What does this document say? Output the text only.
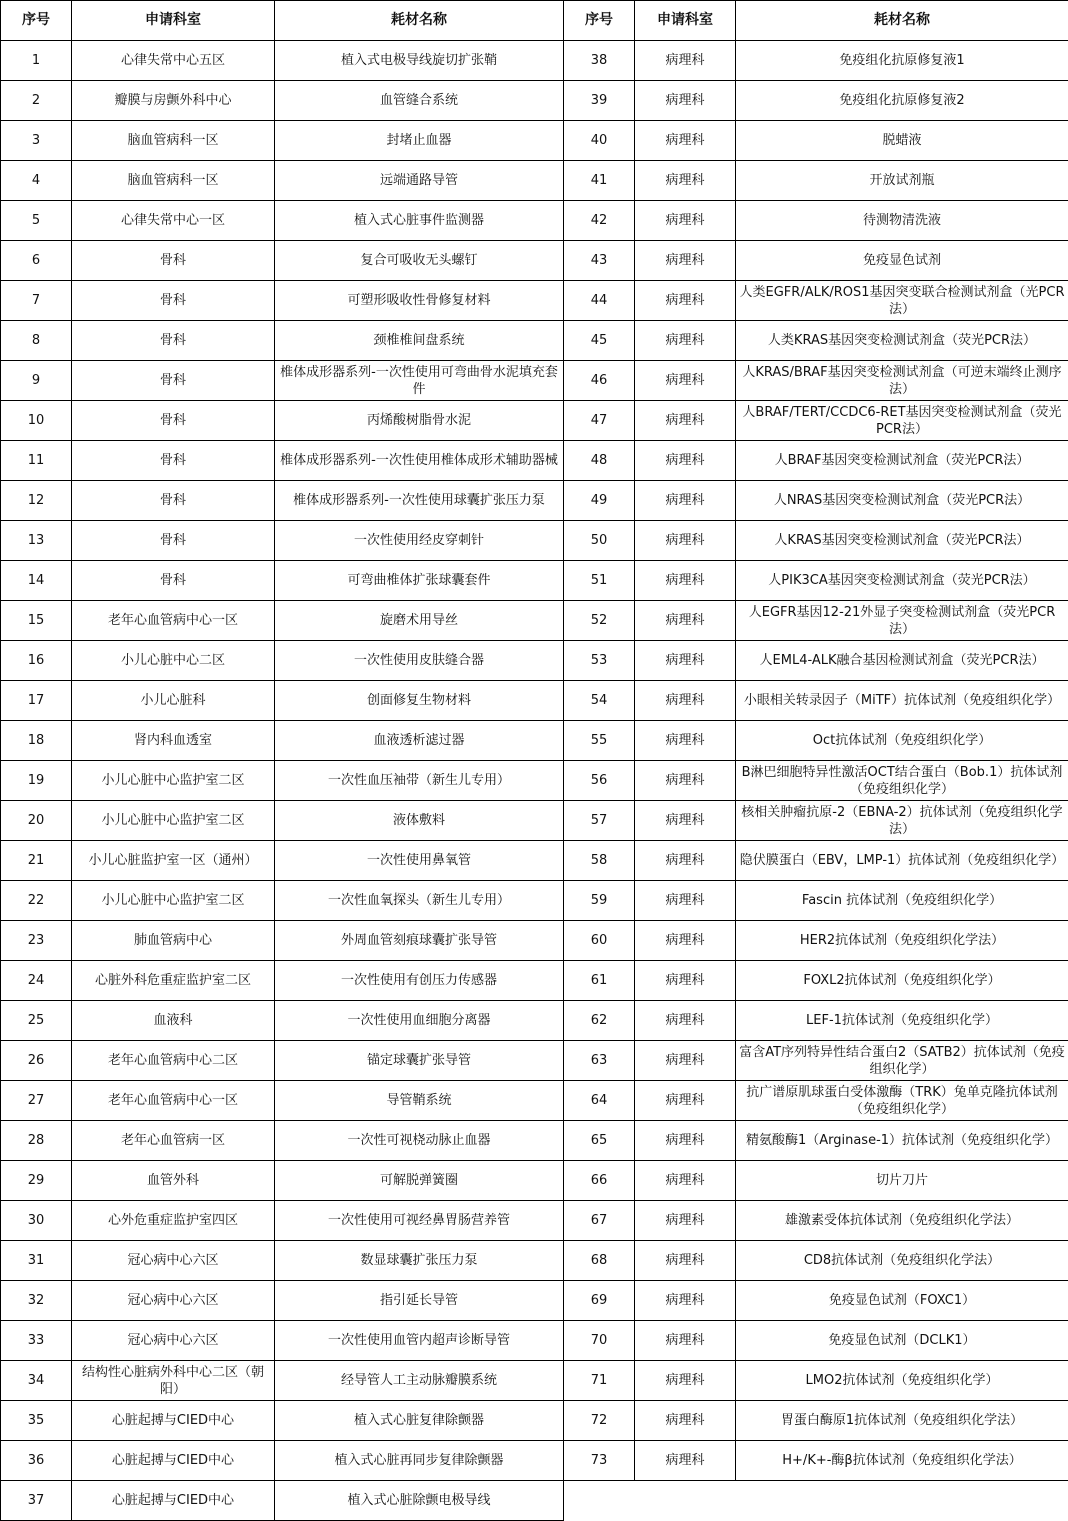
序号	申请科室	耗材名称	序号	申请科室	耗材名称
1	心律失常中心五区	植入式电极导线旋切扩张鞘	38	病理科	免疫组化抗原修复液1
2	瓣膜与房颤外科中心	血管缝合系统	39	病理科	免疫组化抗原修复液2
3	脑血管病科一区	封堵止血器	40	病理科	脱蜡液
4	脑血管病科一区	远端通路导管	41	病理科	开放试剂瓶
5	心律失常中心一区	植入式心脏事件监测器	42	病理科	待测物清洗液
6	骨科	复合可吸收无头螺钉	43	病理科	免疫显色试剂
7	骨科	可塑形吸收性骨修复材料	44	病理科	人类EGFR/ALK/ROS1基因突变联合检测试剂盒（光PCR法）
8	骨科	颈椎椎间盘系统	45	病理科	人类KRAS基因突变检测试剂盒（荧光PCR法）
9	骨科	椎体成形器系列-一次性使用可弯曲骨水泥填充套件	46	病理科	人KRAS/BRAF基因突变检测试剂盒（可逆末端终止测序法）
10	骨科	丙烯酸树脂骨水泥	47	病理科	人BRAF/TERT/CCDC6-RET基因突变检测试剂盒（荧光PCR法）
11	骨科	椎体成形器系列-一次性使用椎体成形术辅助器械	48	病理科	人BRAF基因突变检测试剂盒（荧光PCR法）
12	骨科	椎体成形器系列-一次性使用球囊扩张压力泵	49	病理科	人NRAS基因突变检测试剂盒（荧光PCR法）
13	骨科	一次性使用经皮穿刺针	50	病理科	人KRAS基因突变检测试剂盒（荧光PCR法）
14	骨科	可弯曲椎体扩张球囊套件	51	病理科	人PIK3CA基因突变检测试剂盒（荧光PCR法）
15	老年心血管病中心一区	旋磨术用导丝	52	病理科	人EGFR基因12-21外显子突变检测试剂盒（荧光PCR法）
16	小儿心脏中心二区	一次性使用皮肤缝合器	53	病理科	人EML4-ALK融合基因检测试剂盒（荧光PCR法）
17	小儿心脏科	创面修复生物材料	54	病理科	小眼相关转录因子（MiTF）抗体试剂（免疫组织化学）
18	肾内科血透室	血液透析滤过器	55	病理科	Oct抗体试剂（免疫组织化学）
19	小儿心脏中心监护室二区	一次性血压袖带（新生儿专用）	56	病理科	B淋巴细胞特异性激活OCT结合蛋白（Bob.1）抗体试剂（免疫组织化学）
20	小儿心脏中心监护室二区	液体敷料	57	病理科	核相关肿瘤抗原-2（EBNA-2）抗体试剂（免疫组织化学法）
21	小儿心脏监护室一区（通州）	一次性使用鼻氧管	58	病理科	隐伏膜蛋白（EBV，LMP-1）抗体试剂（免疫组织化学）
22	小儿心脏中心监护室二区	一次性血氧探头（新生儿专用）	59	病理科	Fascin 抗体试剂（免疫组织化学）
23	肺血管病中心	外周血管刻痕球囊扩张导管	60	病理科	HER2抗体试剂（免疫组织化学法）
24	心脏外科危重症监护室二区	一次性使用有创压力传感器	61	病理科	FOXL2抗体试剂（免疫组织化学）
25	血液科	一次性使用血细胞分离器	62	病理科	LEF-1抗体试剂（免疫组织化学）
26	老年心血管病中心二区	锚定球囊扩张导管	63	病理科	富含AT序列特异性结合蛋白2（SATB2）抗体试剂（免疫组织化学）
27	老年心血管病中心一区	导管鞘系统	64	病理科	抗广谱原肌球蛋白受体激酶（TRK）兔单克隆抗体试剂（免疫组织化学）
28	老年心血管病一区	一次性可视桡动脉止血器	65	病理科	精氨酸酶1（Arginase-1）抗体试剂（免疫组织化学）
29	血管外科	可解脱弹簧圈	66	病理科	切片刀片
30	心外危重症监护室四区	一次性使用可视经鼻胃肠营养管	67	病理科	雄激素受体抗体试剂（免疫组织化学法）
31	冠心病中心六区	数显球囊扩张压力泵	68	病理科	CD8抗体试剂（免疫组织化学法）
32	冠心病中心六区	指引延长导管	69	病理科	免疫显色试剂（FOXC1）
33	冠心病中心六区	一次性使用血管内超声诊断导管	70	病理科	免疫显色试剂（DCLK1）
34	结构性心脏病外科中心二区（朝阳）	经导管人工主动脉瓣膜系统	71	病理科	LMO2抗体试剂（免疫组织化学）
35	心脏起搏与CIED中心	植入式心脏复律除颤器	72	病理科	胃蛋白酶原1抗体试剂（免疫组织化学法）
36	心脏起搏与CIED中心	植入式心脏再同步复律除颤器	73	病理科	H+/K+-酶β抗体试剂（免疫组织化学法）
37	心脏起搏与CIED中心	植入式心脏除颤电极导线			
